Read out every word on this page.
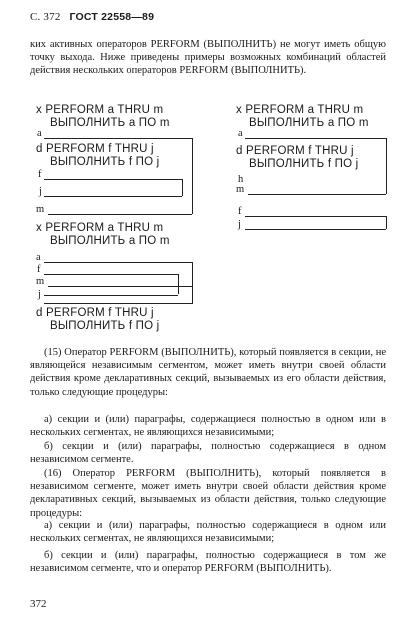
С. 372 ГОСТ 22558—89
ких активных операторов PERFORM (ВЫПОЛНИТЬ) не могут иметь общую точку выхода. Ниже приведены примеры возможных комбинаций областей действия нескольких операторов PERFORM (ВЫПОЛНИТЬ).
x PERFORM a THRU m
ВЫПОЛНИТЬ a ПО m
a
d PERFORM f THRU j
ВЫПОЛНИТЬ f ПО j
f
j
m
x PERFORM a THRU m
ВЫПОЛНИТЬ a ПО m
a
f
m
j
d PERFORM f THRU j
ВЫПОЛНИТЬ f ПО j
x PERFORM a THRU m
ВЫПОЛНИТЬ a ПО m
a
d PERFORM f THRU j
ВЫПОЛНИТЬ f ПО j
h
m
f
j
(15) Оператор PERFORM (ВЫПОЛНИТЬ), который появляется в секции, не являющейся независимым сегментом, может иметь внутри своей области действия кроме декларативных секций, вызываемых из его области действия, только следующие процедуры:
а) секции и (или) параграфы, содержащиеся полностью в одном или в нескольких сегментах, не являющихся независимыми;
б) секции и (или) параграфы, полностью содержащиеся в одном независимом сегменте.
(16) Оператор PERFORM (ВЫПОЛНИТЬ), который появляется в независимом сегменте, может иметь внутри своей области действия кроме декларативных секций, вызываемых из области действия, только следующие процедуры:
а) секции и (или) параграфы, полностью содержащиеся в одном или нескольких сегментах, не являющихся независимыми;
б) секции и (или) параграфы, полностью содержащиеся в том же независимом сегменте, что и оператор PERFORM (ВЫПОЛНИТЬ).
372
